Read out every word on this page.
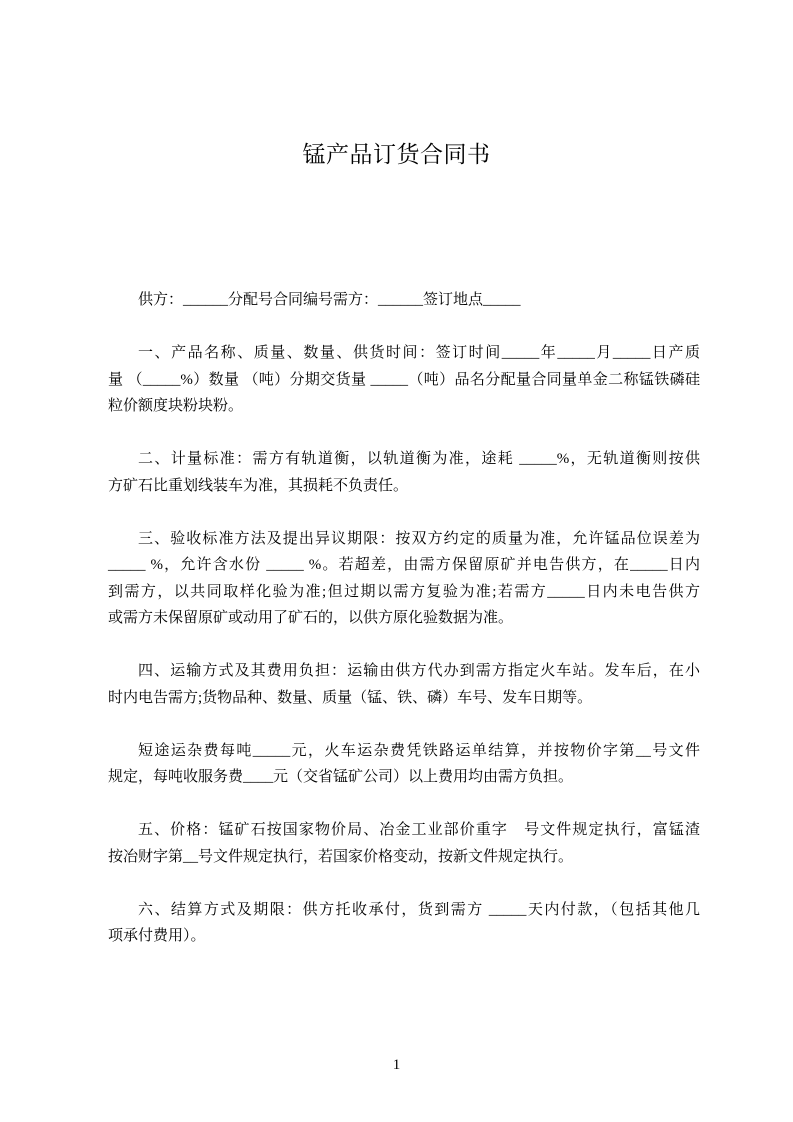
锰产品订货合同书
供方：______分配号合同编号需方：______签订地点_____
一、产品名称、质量、数量、供货时间：签订时间_____年_____月_____日产质
量 （_____%）数量 （吨）分期交货量 _____（吨）品名分配量合同量单金二称锰铁磷硅
粒价额度块粉块粉。
二、计量标准：需方有轨道衡，以轨道衡为准，途耗 _____%，无轨道衡则按供
方矿石比重划线装车为准，其损耗不负责任。
三、验收标准方法及提出异议期限：按双方约定的质量为准，允许锰品位误差为
_____ %，允许含水份 _____ %。若超差，由需方保留原矿并电告供方，在_____日内
到需方，以共同取样化验为准;但过期以需方复验为准;若需方_____日内未电告供方
或需方未保留原矿或动用了矿石的，以供方原化验数据为准。
四、运输方式及其费用负担：运输由供方代办到需方指定火车站。发车后，在小
时内电告需方;货物品种、数量、质量（锰、铁、磷）车号、发车日期等。
短途运杂费每吨_____元，火车运杂费凭铁路运单结算，并按物价字第__号文件
规定，每吨收服务费____元（交省锰矿公司）以上费用均由需方负担。
五、价格：锰矿石按国家物价局、冶金工业部价重字　号文件规定执行，富锰渣
按冶财字第__号文件规定执行，若国家价格变动，按新文件规定执行。
六、结算方式及期限：供方托收承付，货到需方 _____天内付款，（包括其他几
项承付费用）。
1
